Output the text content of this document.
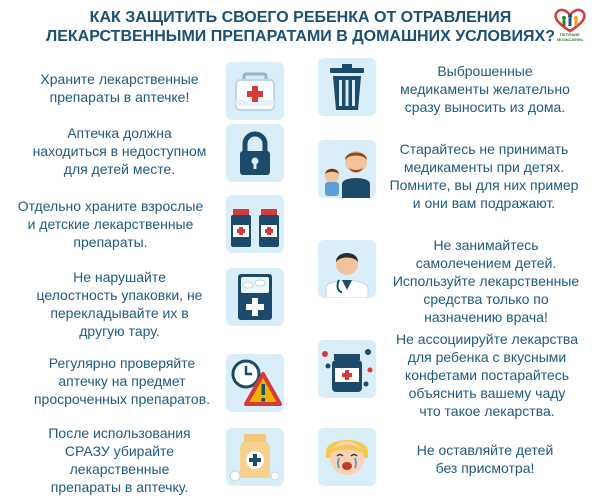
КАК ЗАЩИТИТЬ СВОЕГО РЕБЕНКА ОТ ОТРАВЛЕНИЯ
ЛЕКАРСТВЕННЫМИ ПРЕПАРАТАМИ В ДОМАШНИХ УСЛОВИЯХ?	ПЕПЛАНЕ МОЗЬСАЕФЬ
Храните лекарственные
препараты в аптечке!
Аптечка должна
находиться в недоступном
для детей месте.
Отдельно храните взрослые
и детские лекарственные
препараты.
Не нарушайте
целостность упаковки, не
перекладывайте их в
другую тару.
Регулярно проверяйте
аптечку на предмет
просроченных препаратов.
После использования
СРАЗУ убирайте
лекарственные
препараты в аптечку.
Выброшенные
медикаменты желательно
сразу выносить из дома.
Старайтесь не принимать
медикаменты при детях.
Помните, вы для них пример
и они вам подражают.
Не занимайтесь
самолечением детей.
Используйте лекарственные
средства только по
назначению врача!
Не ассоциируйте лекарства
для ребенка с вкусными
конфетами постарайтесь
объяснить вашему чаду
что такое лекарства.
Не оставляйте детей
без присмотра!
